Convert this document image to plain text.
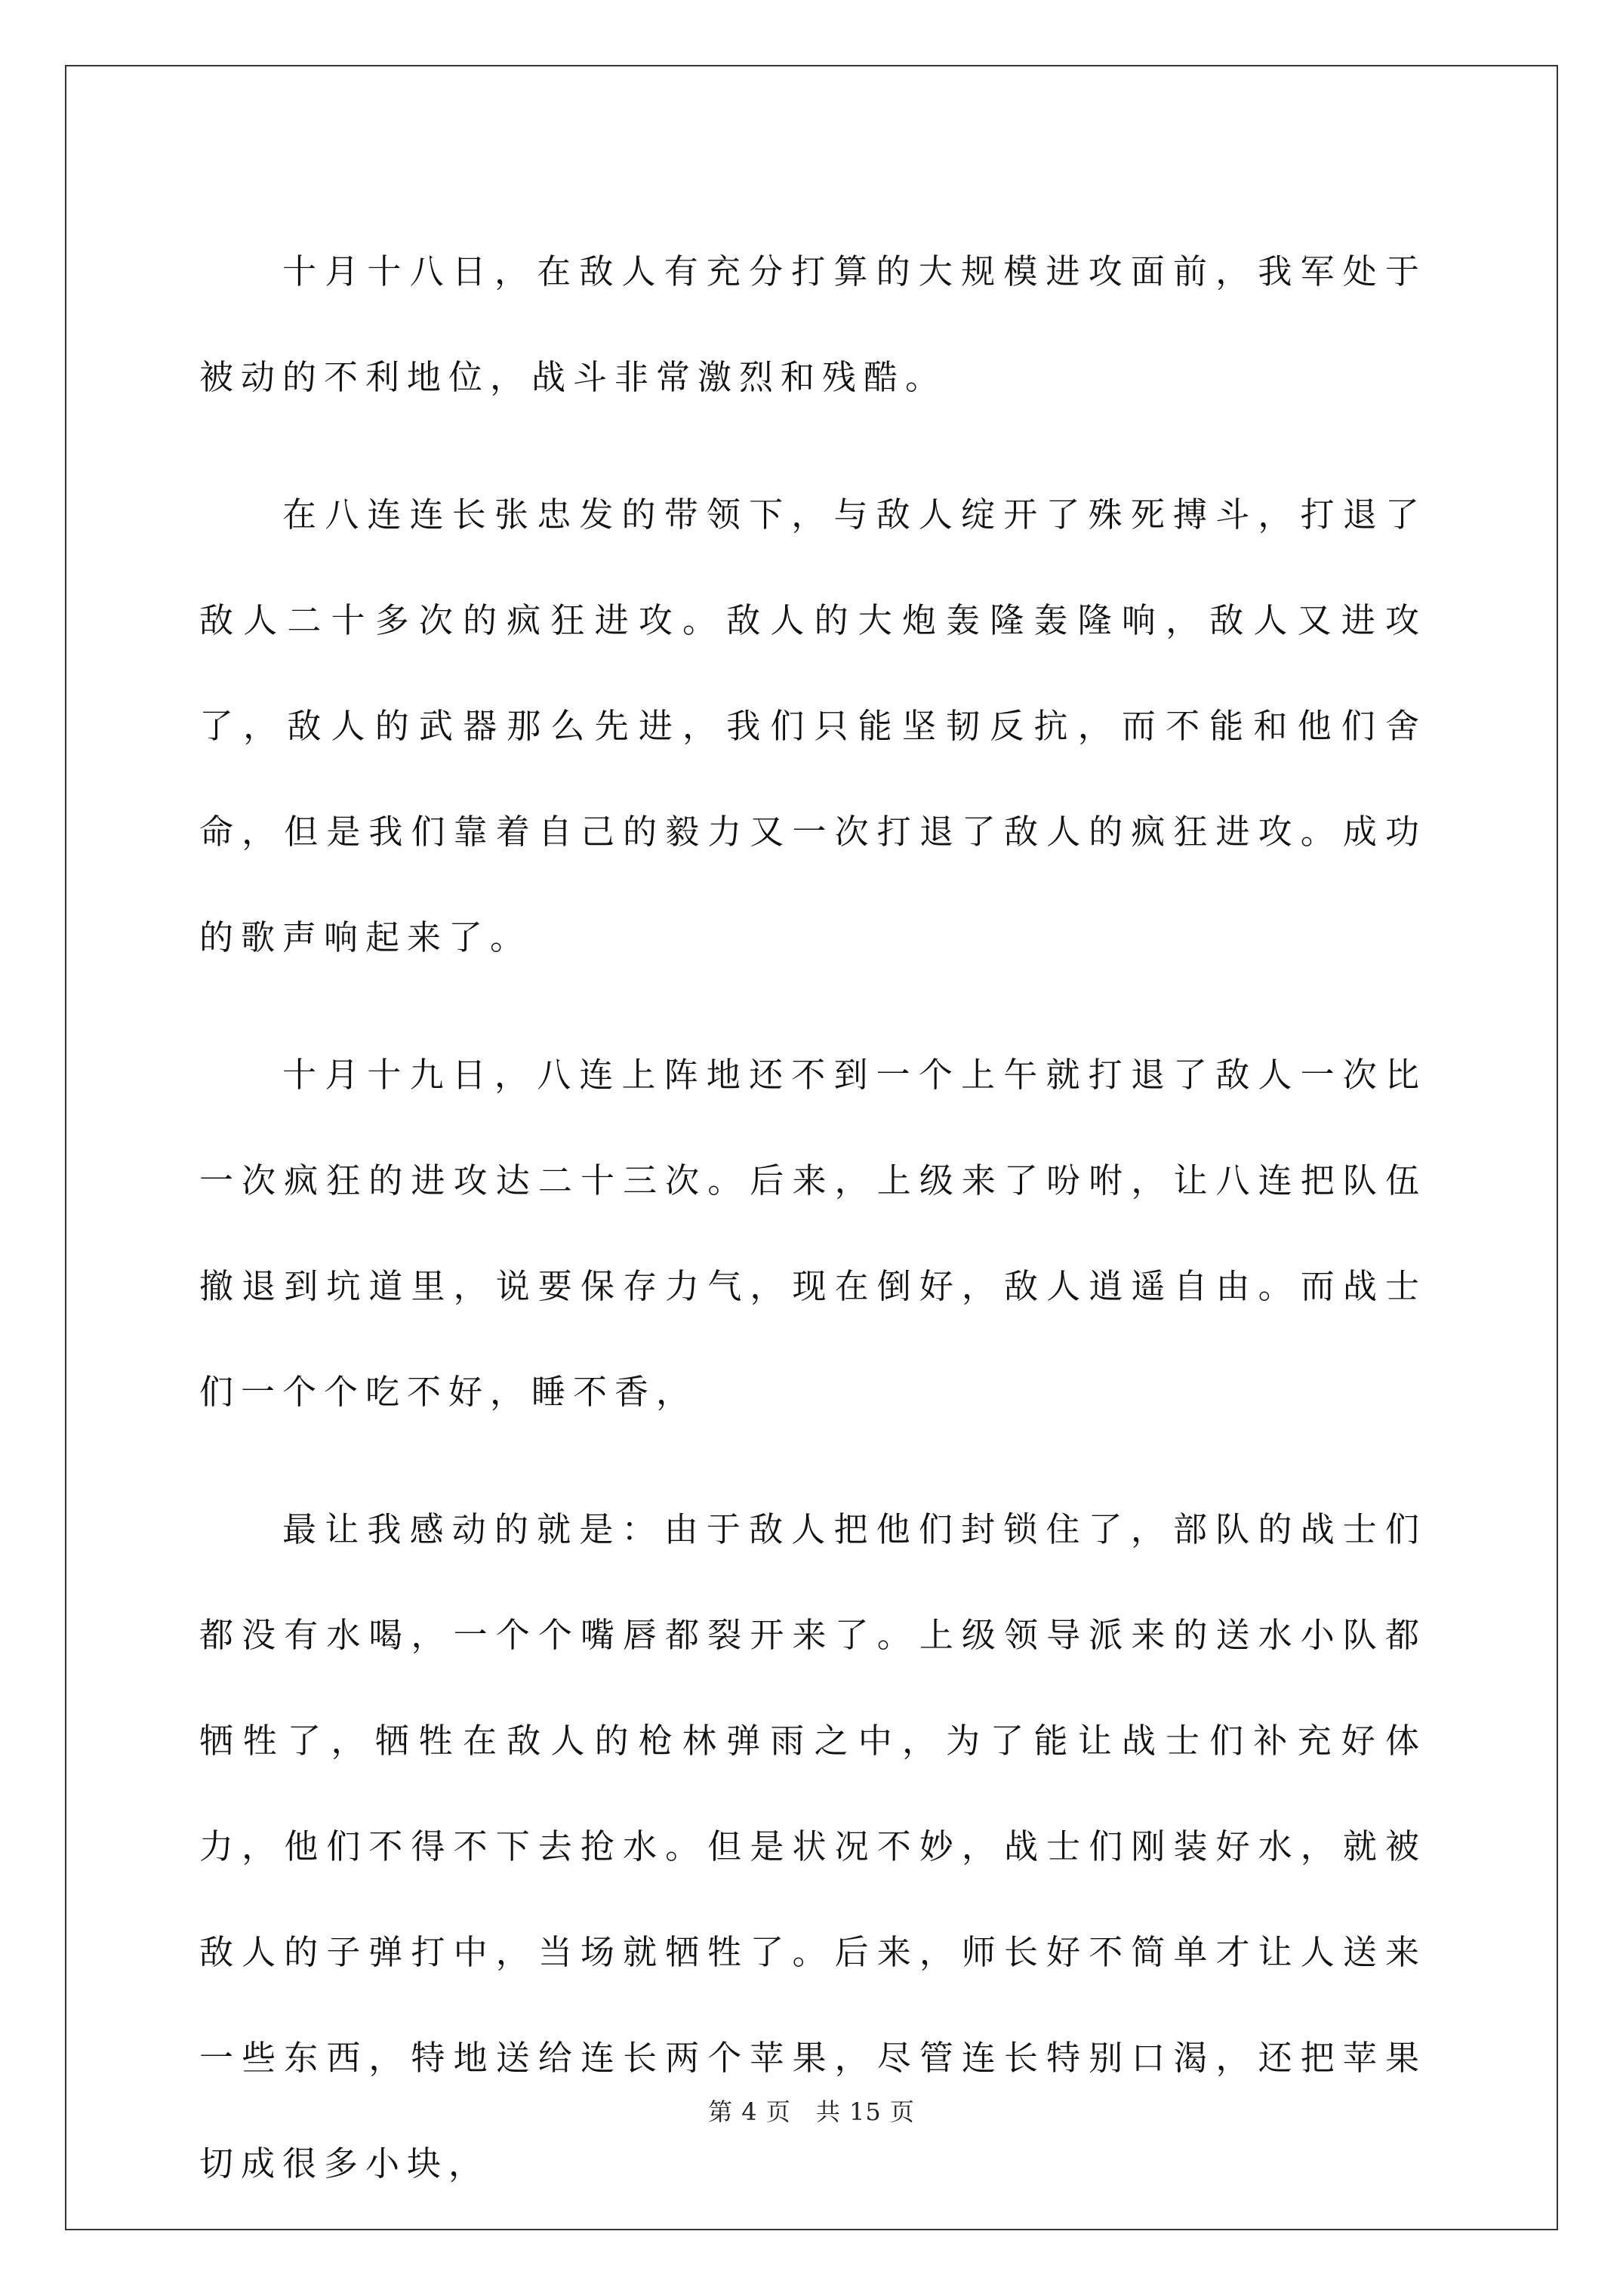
十月十八日，在敌人有充分打算的大规模进攻面前，我军处于被动的不利地位，战斗非常激烈和残酷。

在八连连长张忠发的带领下，与敌人绽开了殊死搏斗，打退了敌人二十多次的疯狂进攻。敌人的大炮轰隆轰隆响，敌人又进攻了，敌人的武器那么先进，我们只能坚韧反抗，而不能和他们舍命，但是我们靠着自己的毅力又一次打退了敌人的疯狂进攻。成功的歌声响起来了。

十月十九日，八连上阵地还不到一个上午就打退了敌人一次比一次疯狂的进攻达二十三次。后来，上级来了吩咐，让八连把队伍撤退到坑道里，说要保存力气，现在倒好，敌人逍遥自由。而战士们一个个吃不好，睡不香，

最让我感动的就是：由于敌人把他们封锁住了，部队的战士们都没有水喝，一个个嘴唇都裂开来了。上级领导派来的送水小队都牺牲了，牺牲在敌人的枪林弹雨之中，为了能让战士们补充好体力，他们不得不下去抢水。但是状况不妙，战士们刚装好水，就被敌人的子弹打中，当场就牺牲了。后来，师长好不简单才让人送来一些东西，特地送给连长两个苹果，尽管连长特别口渴，还把苹果切成很多小块，

第 4 页　共 15 页
